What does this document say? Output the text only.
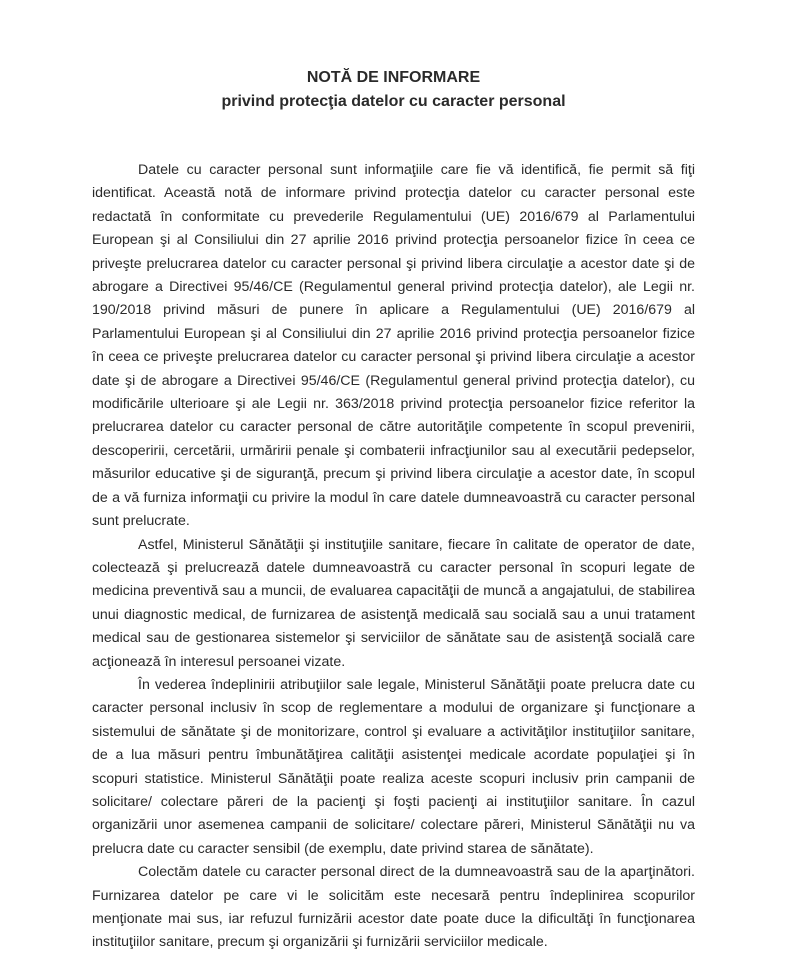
NOTĂ DE INFORMARE
privind protecţia datelor cu caracter personal

Datele cu caracter personal sunt informaţiile care fie vă identifică, fie permit să fiţi identificat. Această notă de informare privind protecţia datelor cu caracter personal este redactată în conformitate cu prevederile Regulamentului (UE) 2016/679 al Parlamentului European şi al Consiliului din 27 aprilie 2016 privind protecţia persoanelor fizice în ceea ce priveşte prelucrarea datelor cu caracter personal şi privind libera circulaţie a acestor date şi de abrogare a Directivei 95/46/CE (Regulamentul general privind protecţia datelor), ale Legii nr. 190/2018 privind măsuri de punere în aplicare a Regulamentului (UE) 2016/679 al Parlamentului European şi al Consiliului din 27 aprilie 2016 privind protecţia persoanelor fizice în ceea ce priveşte prelucrarea datelor cu caracter personal şi privind libera circulaţie a acestor date şi de abrogare a Directivei 95/46/CE (Regulamentul general privind protecţia datelor), cu modificările ulterioare şi ale Legii nr. 363/2018 privind protecţia persoanelor fizice referitor la prelucrarea datelor cu caracter personal de către autorităţile competente în scopul prevenirii, descoperirii, cercetării, urmăririi penale şi combaterii infracţiunilor sau al executării pedepselor, măsurilor educative şi de siguranţă, precum şi privind libera circulaţie a acestor date, în scopul de a vă furniza informaţii cu privire la modul în care datele dumneavoastră cu caracter personal sunt prelucrate.

Astfel, Ministerul Sănătăţii şi instituţiile sanitare, fiecare în calitate de operator de date, colectează şi prelucrează datele dumneavoastră cu caracter personal în scopuri legate de medicina preventivă sau a muncii, de evaluarea capacităţii de muncă a angajatului, de stabilirea unui diagnostic medical, de furnizarea de asistenţă medicală sau socială sau a unui tratament medical sau de gestionarea sistemelor şi serviciilor de sănătate sau de asistenţă socială care acţionează în interesul persoanei vizate.

În vederea îndeplinirii atribuţiilor sale legale, Ministerul Sănătăţii poate prelucra date cu caracter personal inclusiv în scop de reglementare a modului de organizare şi funcţionare a sistemului de sănătate şi de monitorizare, control şi evaluare a activităţilor instituţiilor sanitare, de a lua măsuri pentru îmbunătăţirea calităţii asistenţei medicale acordate populaţiei şi în scopuri statistice. Ministerul Sănătăţii poate realiza aceste scopuri inclusiv prin campanii de solicitare/ colectare păreri de la pacienţi şi foşti pacienţi ai instituţiilor sanitare. În cazul organizării unor asemenea campanii de solicitare/ colectare păreri, Ministerul Sănătăţii nu va prelucra date cu caracter sensibil (de exemplu, date privind starea de sănătate).

Colectăm datele cu caracter personal direct de la dumneavoastră sau de la aparţinători. Furnizarea datelor pe care vi le solicităm este necesară pentru îndeplinirea scopurilor menţionate mai sus, iar refuzul furnizării acestor date poate duce la dificultăţi în funcţionarea instituţiilor sanitare, precum şi organizării şi furnizării serviciilor medicale.
